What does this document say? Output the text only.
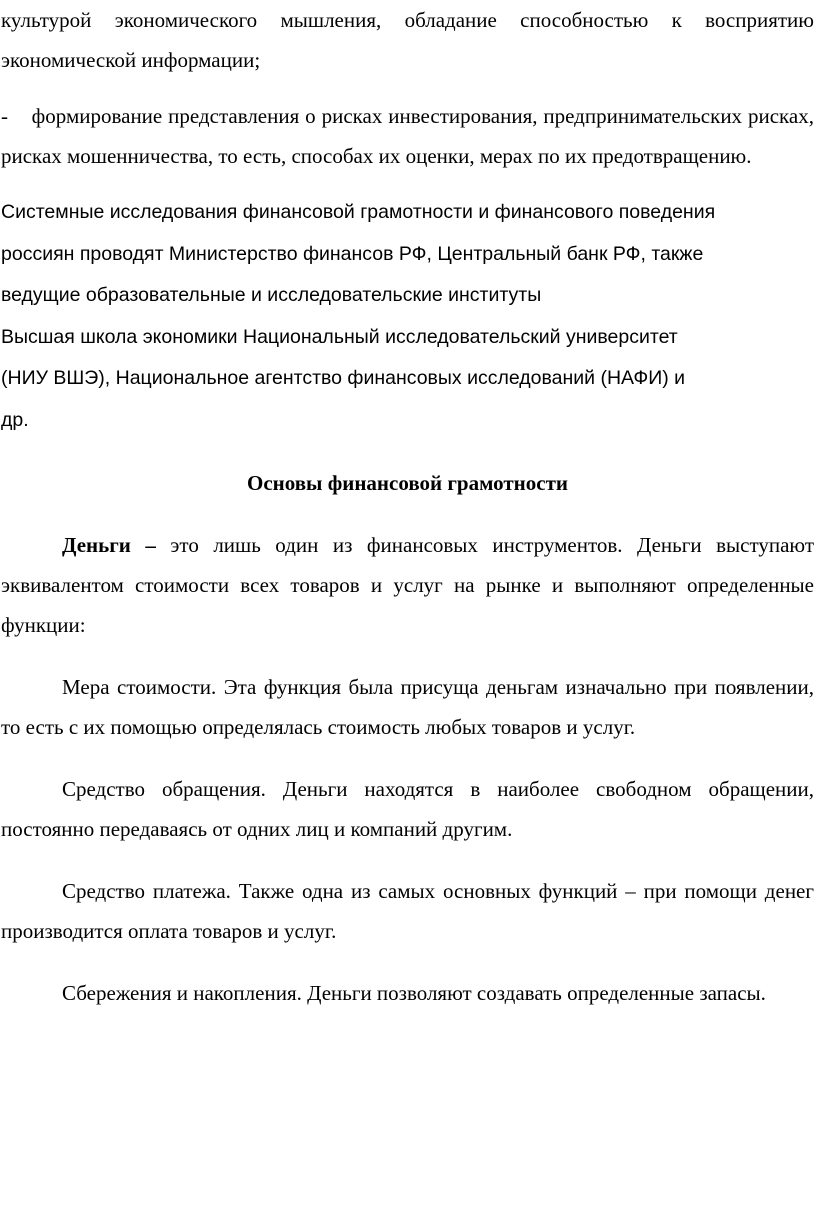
культурой экономического мышления, обладание способностью к восприятию экономической информации;

-    формирование представления о рисках инвестирования, предпринимательских рисках, рисках мошенничества, то есть, способах их оценки, мерах по их предотвращению.

Системные исследования финансовой грамотности и финансового поведения
россиян проводят Министерство финансов РФ, Центральный банк РФ, также
ведущие образовательные и исследовательские институты
Высшая школа экономики Национальный исследовательский университет
(НИУ ВШЭ), Национальное агентство финансовых исследований (НАФИ) и
др.

Основы финансовой грамотности

Деньги – это лишь один из финансовых инструментов. Деньги выступают эквивалентом стоимости всех товаров и услуг на рынке и выполняют определенные функции:

Мера стоимости. Эта функция была присуща деньгам изначально при появлении, то есть с их помощью определялась стоимость любых товаров и услуг.

Средство обращения. Деньги находятся в наиболее свободном обращении, постоянно передаваясь от одних лиц и компаний другим.

Средство платежа. Также одна из самых основных функций – при помощи денег производится оплата товаров и услуг.

Сбережения и накопления. Деньги позволяют создавать определенные запасы.
